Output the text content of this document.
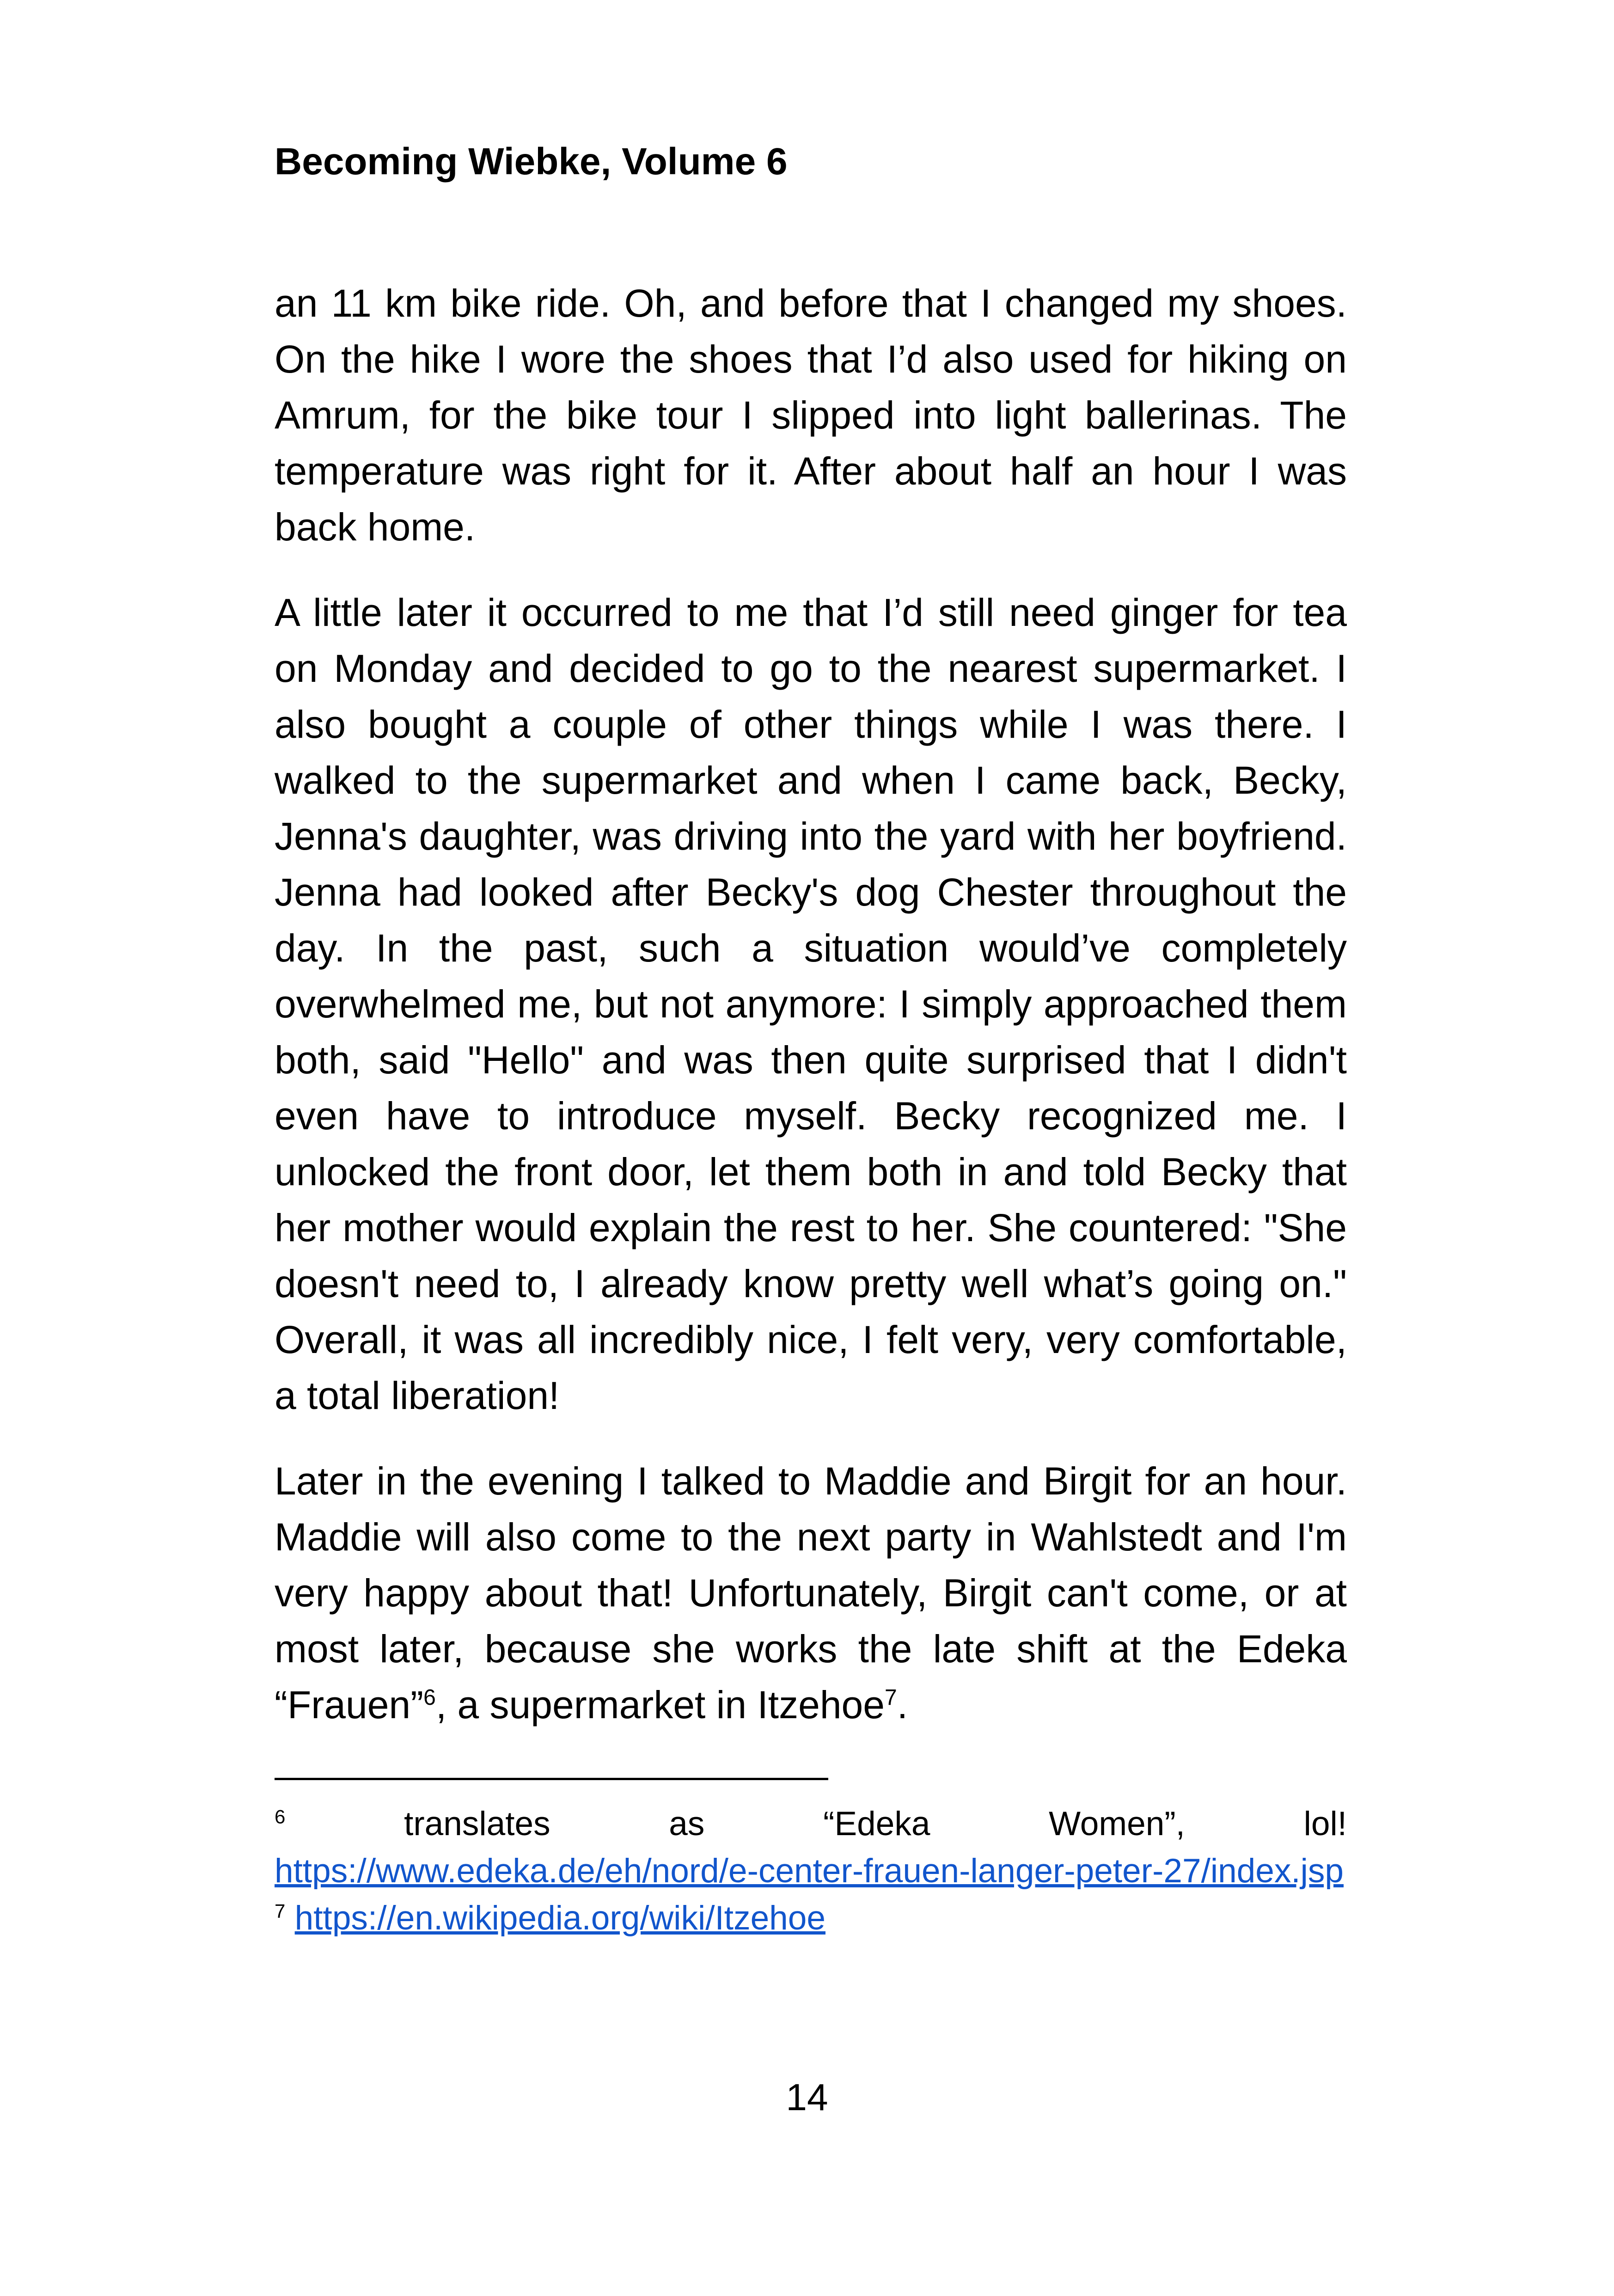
Becoming Wiebke, Volume 6

an 11 km bike ride. Oh, and before that I changed my shoes. On the hike I wore the shoes that I’d also used for hiking on Amrum, for the bike tour I slipped into light ballerinas. The temperature was right for it. After about half an hour I was back home.

A little later it occurred to me that I’d still need ginger for tea on Monday and decided to go to the nearest supermarket. I also bought a couple of other things while I was there. I walked to the supermarket and when I came back, Becky, Jenna's daughter, was driving into the yard with her boyfriend. Jenna had looked after Becky's dog Chester throughout the day. In the past, such a situation would’ve completely overwhelmed me, but not anymore: I simply approached them both, said "Hello" and was then quite surprised that I didn't even have to introduce myself. Becky recognized me. I unlocked the front door, let them both in and told Becky that her mother would explain the rest to her. She countered: "She doesn't need to, I already know pretty well what’s going on." Overall, it was all incredibly nice, I felt very, very comfortable, a total liberation!

Later in the evening I talked to Maddie and Birgit for an hour. Maddie will also come to the next party in Wahlstedt and I'm very happy about that! Unfortunately, Birgit can't come, or at most later, because she works the late shift at the Edeka “Frauen”$^6$, a supermarket in Itzehoe$^7$.

$^6$	translates as “Edeka Women”, lol!

https://www.edeka.de/eh/nord/e-center-frauen-langer-peter-27/index.jsp

$^7$ https://en.wikipedia.org/wiki/Itzehoe

14
